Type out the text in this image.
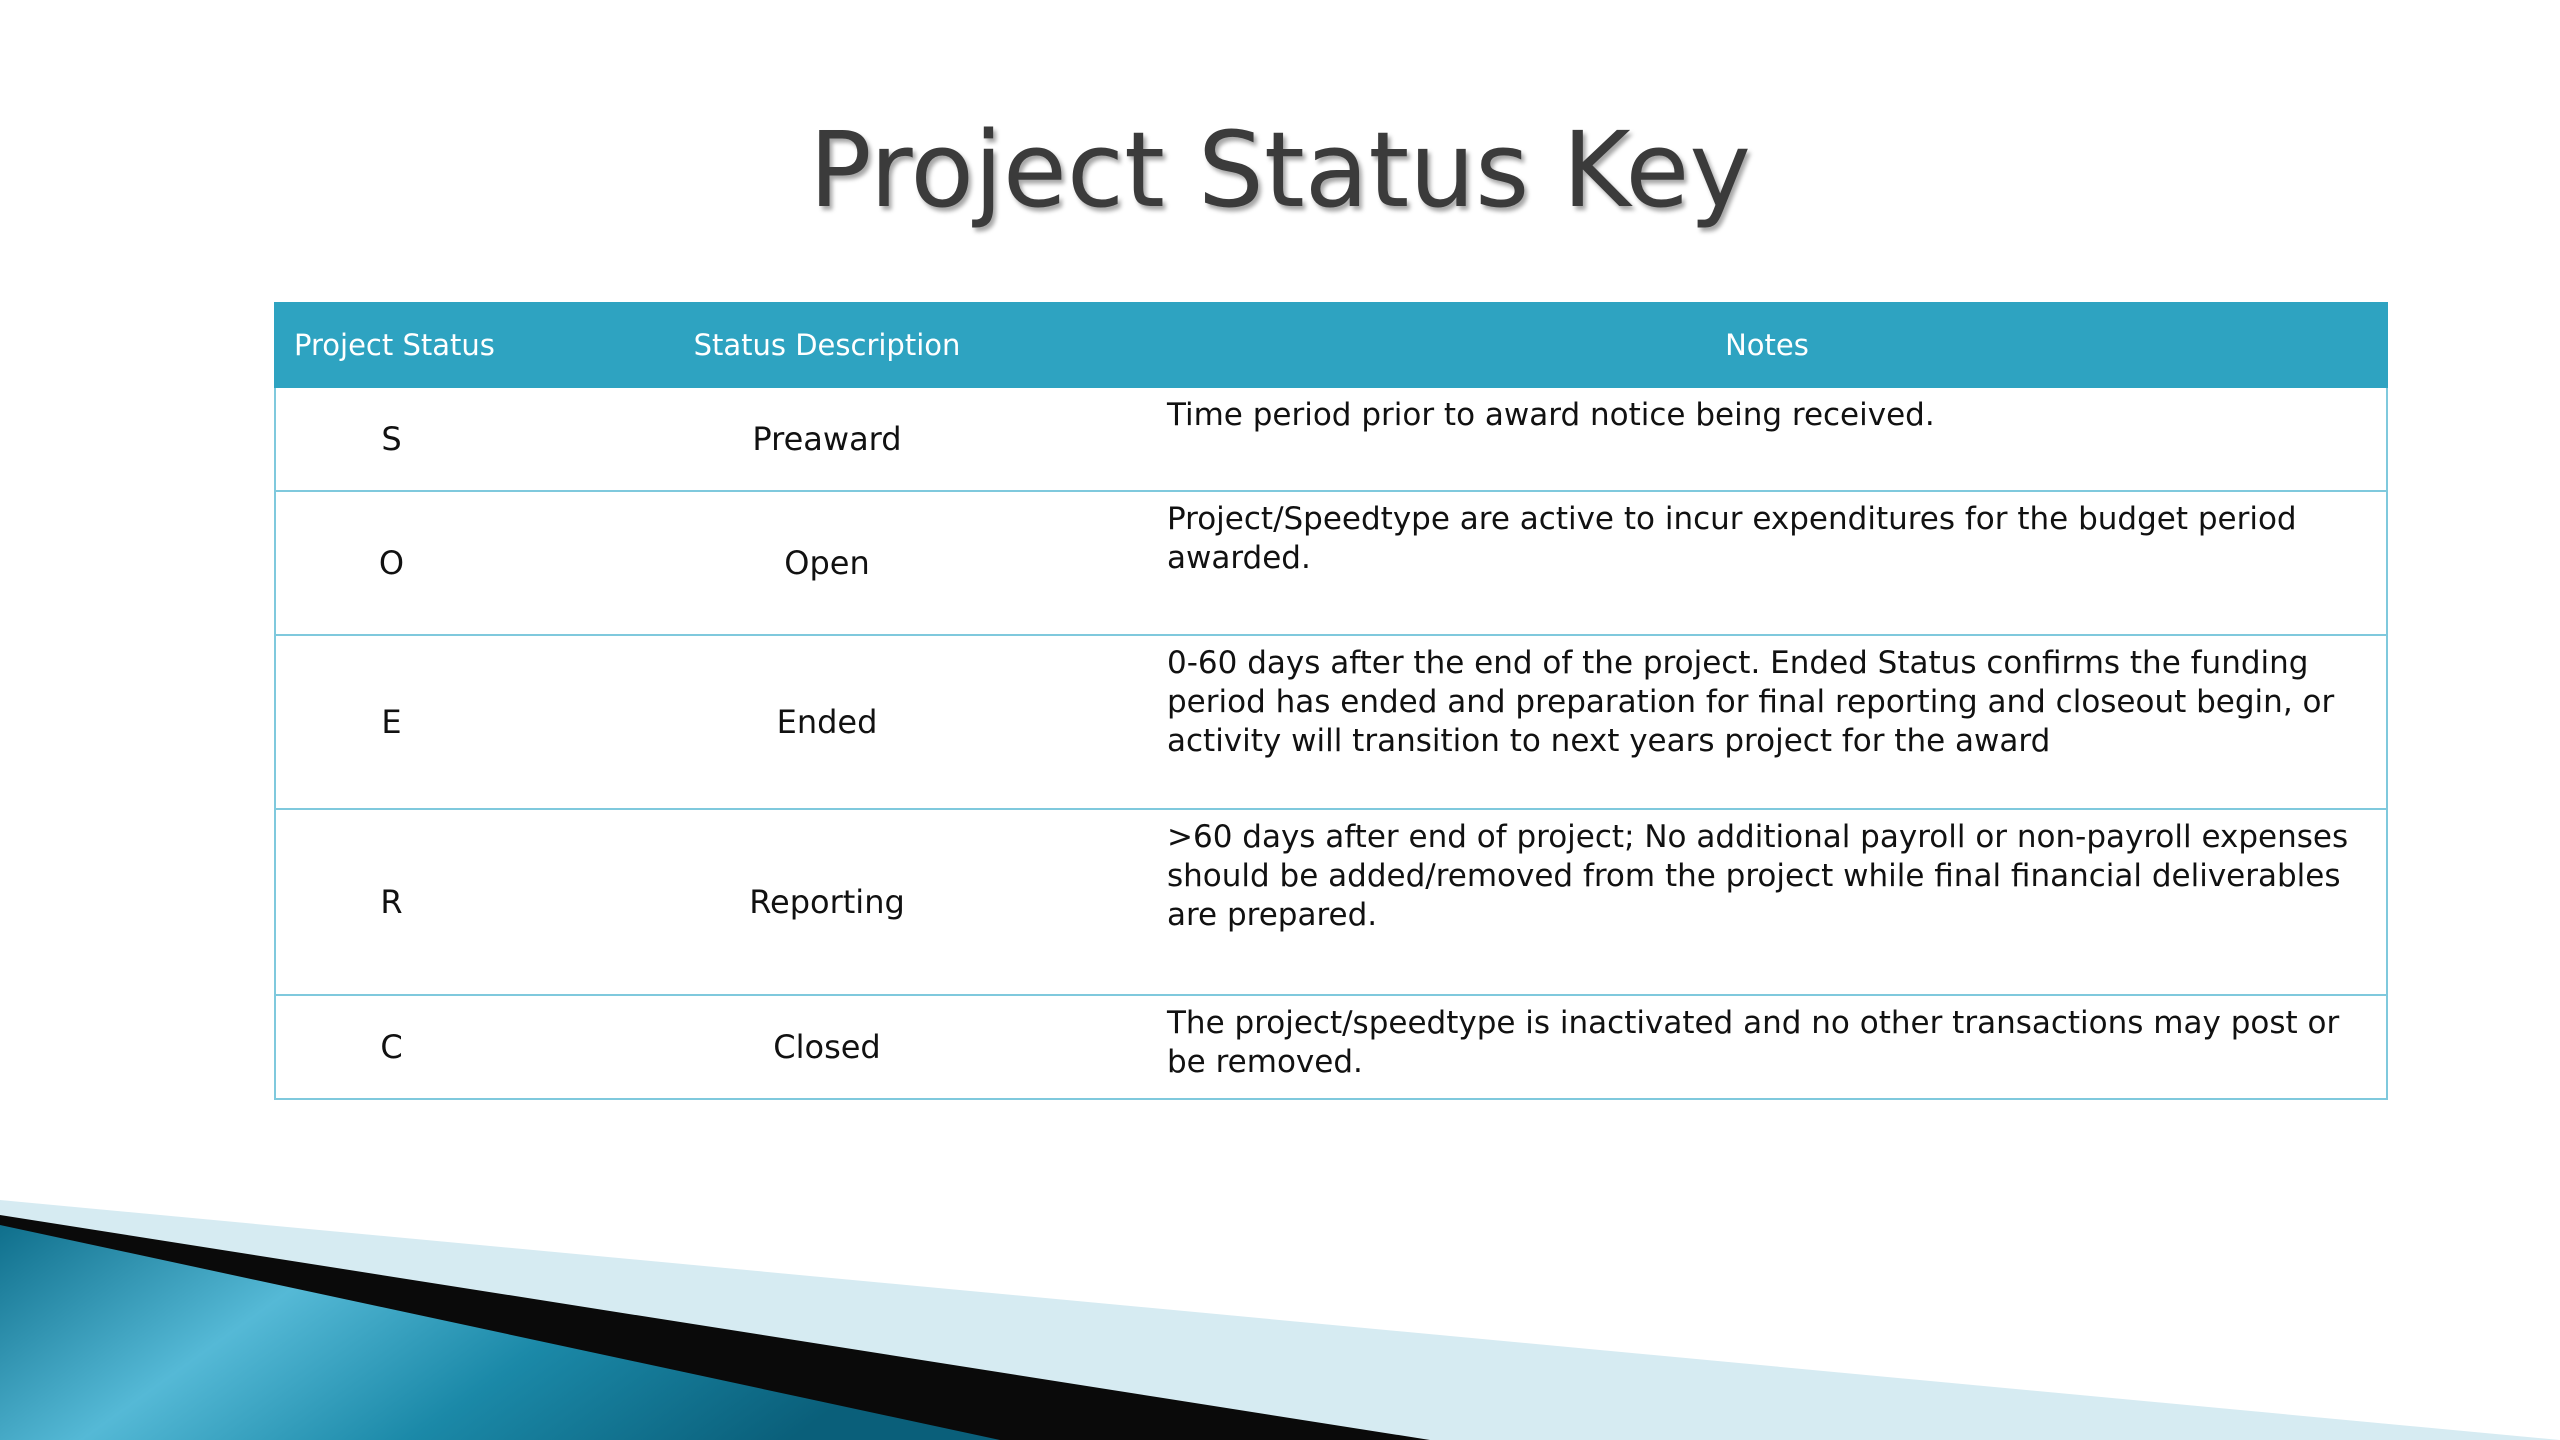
Project Status Key
Project Status	Status Description	Notes
S	Preaward	Time period prior to award notice being received.
O	Open	Project/Speedtype are active to incur expenditures for the budget period awarded.
E	Ended	0-60 days after the end of the project. Ended Status confirms the funding period has ended and preparation for final reporting and closeout begin, or activity will transition to next years project for the award
R	Reporting	>60 days after end of project; No additional payroll or non-payroll expenses should be added/removed from the project while final financial deliverables are prepared.
C	Closed	The project/speedtype is inactivated and no other transactions may post or be removed.
